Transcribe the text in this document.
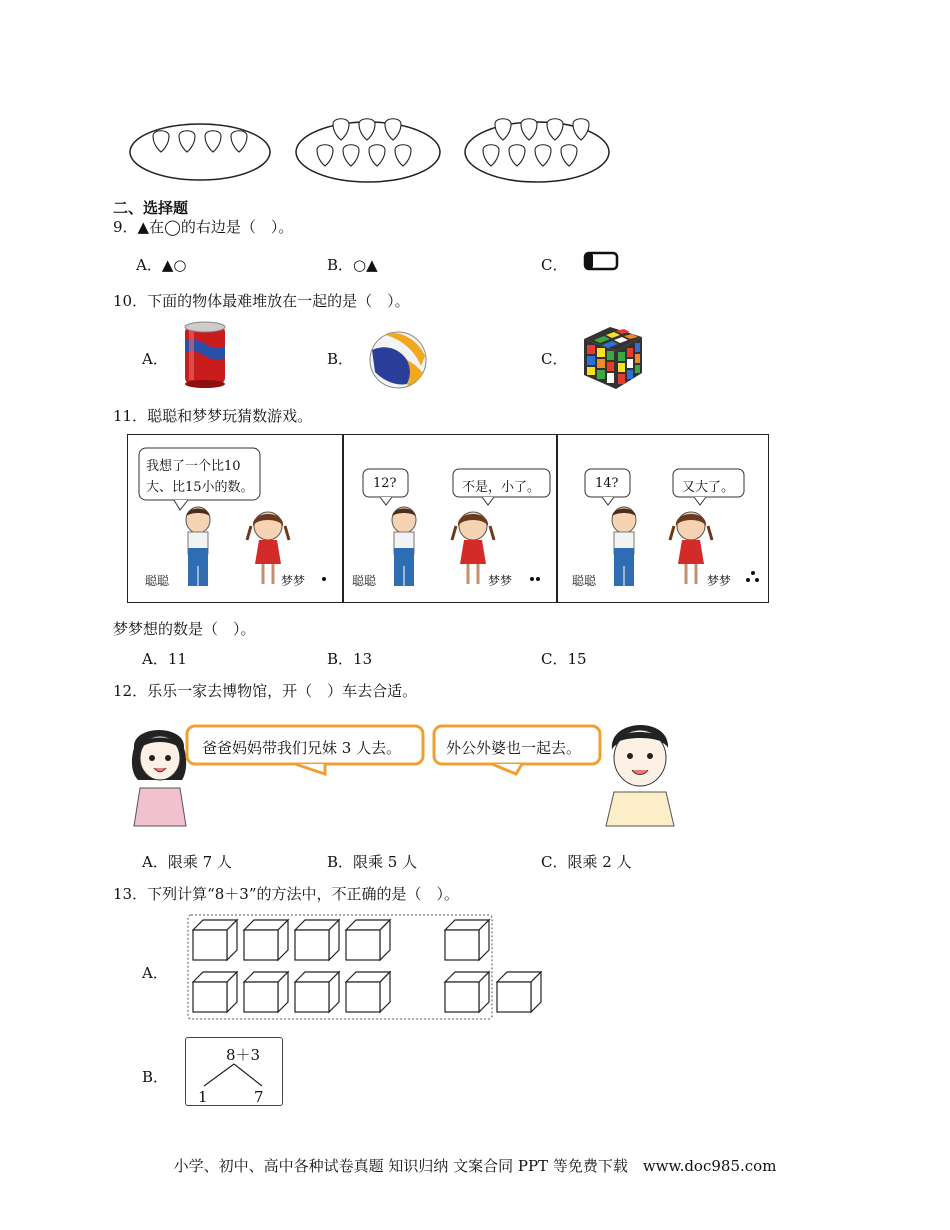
二、选择题
9．▲在◯的右边是（　）。
A．▲○	B．○▲	C．
10．下面的物体最难堆放在一起的是（　）。
A．	B．	C．
11．聪聪和梦梦玩猜数游戏。
我想了一个比10
大、比15小的数。
聪聪	梦梦
12?	不是，小了。
聪聪	梦梦
14?	又大了。
聪聪	梦梦
梦梦想的数是（　）。
A．11	B．13	C．15
12．乐乐一家去博物馆，开（　）车去合适。
爸爸妈妈带我们兄妹 3 人去。	外公外婆也一起去。
A．限乘 7 人	B．限乘 5 人	C．限乘 2 人
13．下列计算“8＋3”的方法中，不正确的是（　）。
A．
B．
8＋3
1	7
小学、初中、高中各种试卷真题 知识归纳 文案合同 PPT 等免费下载　www.doc985.com
